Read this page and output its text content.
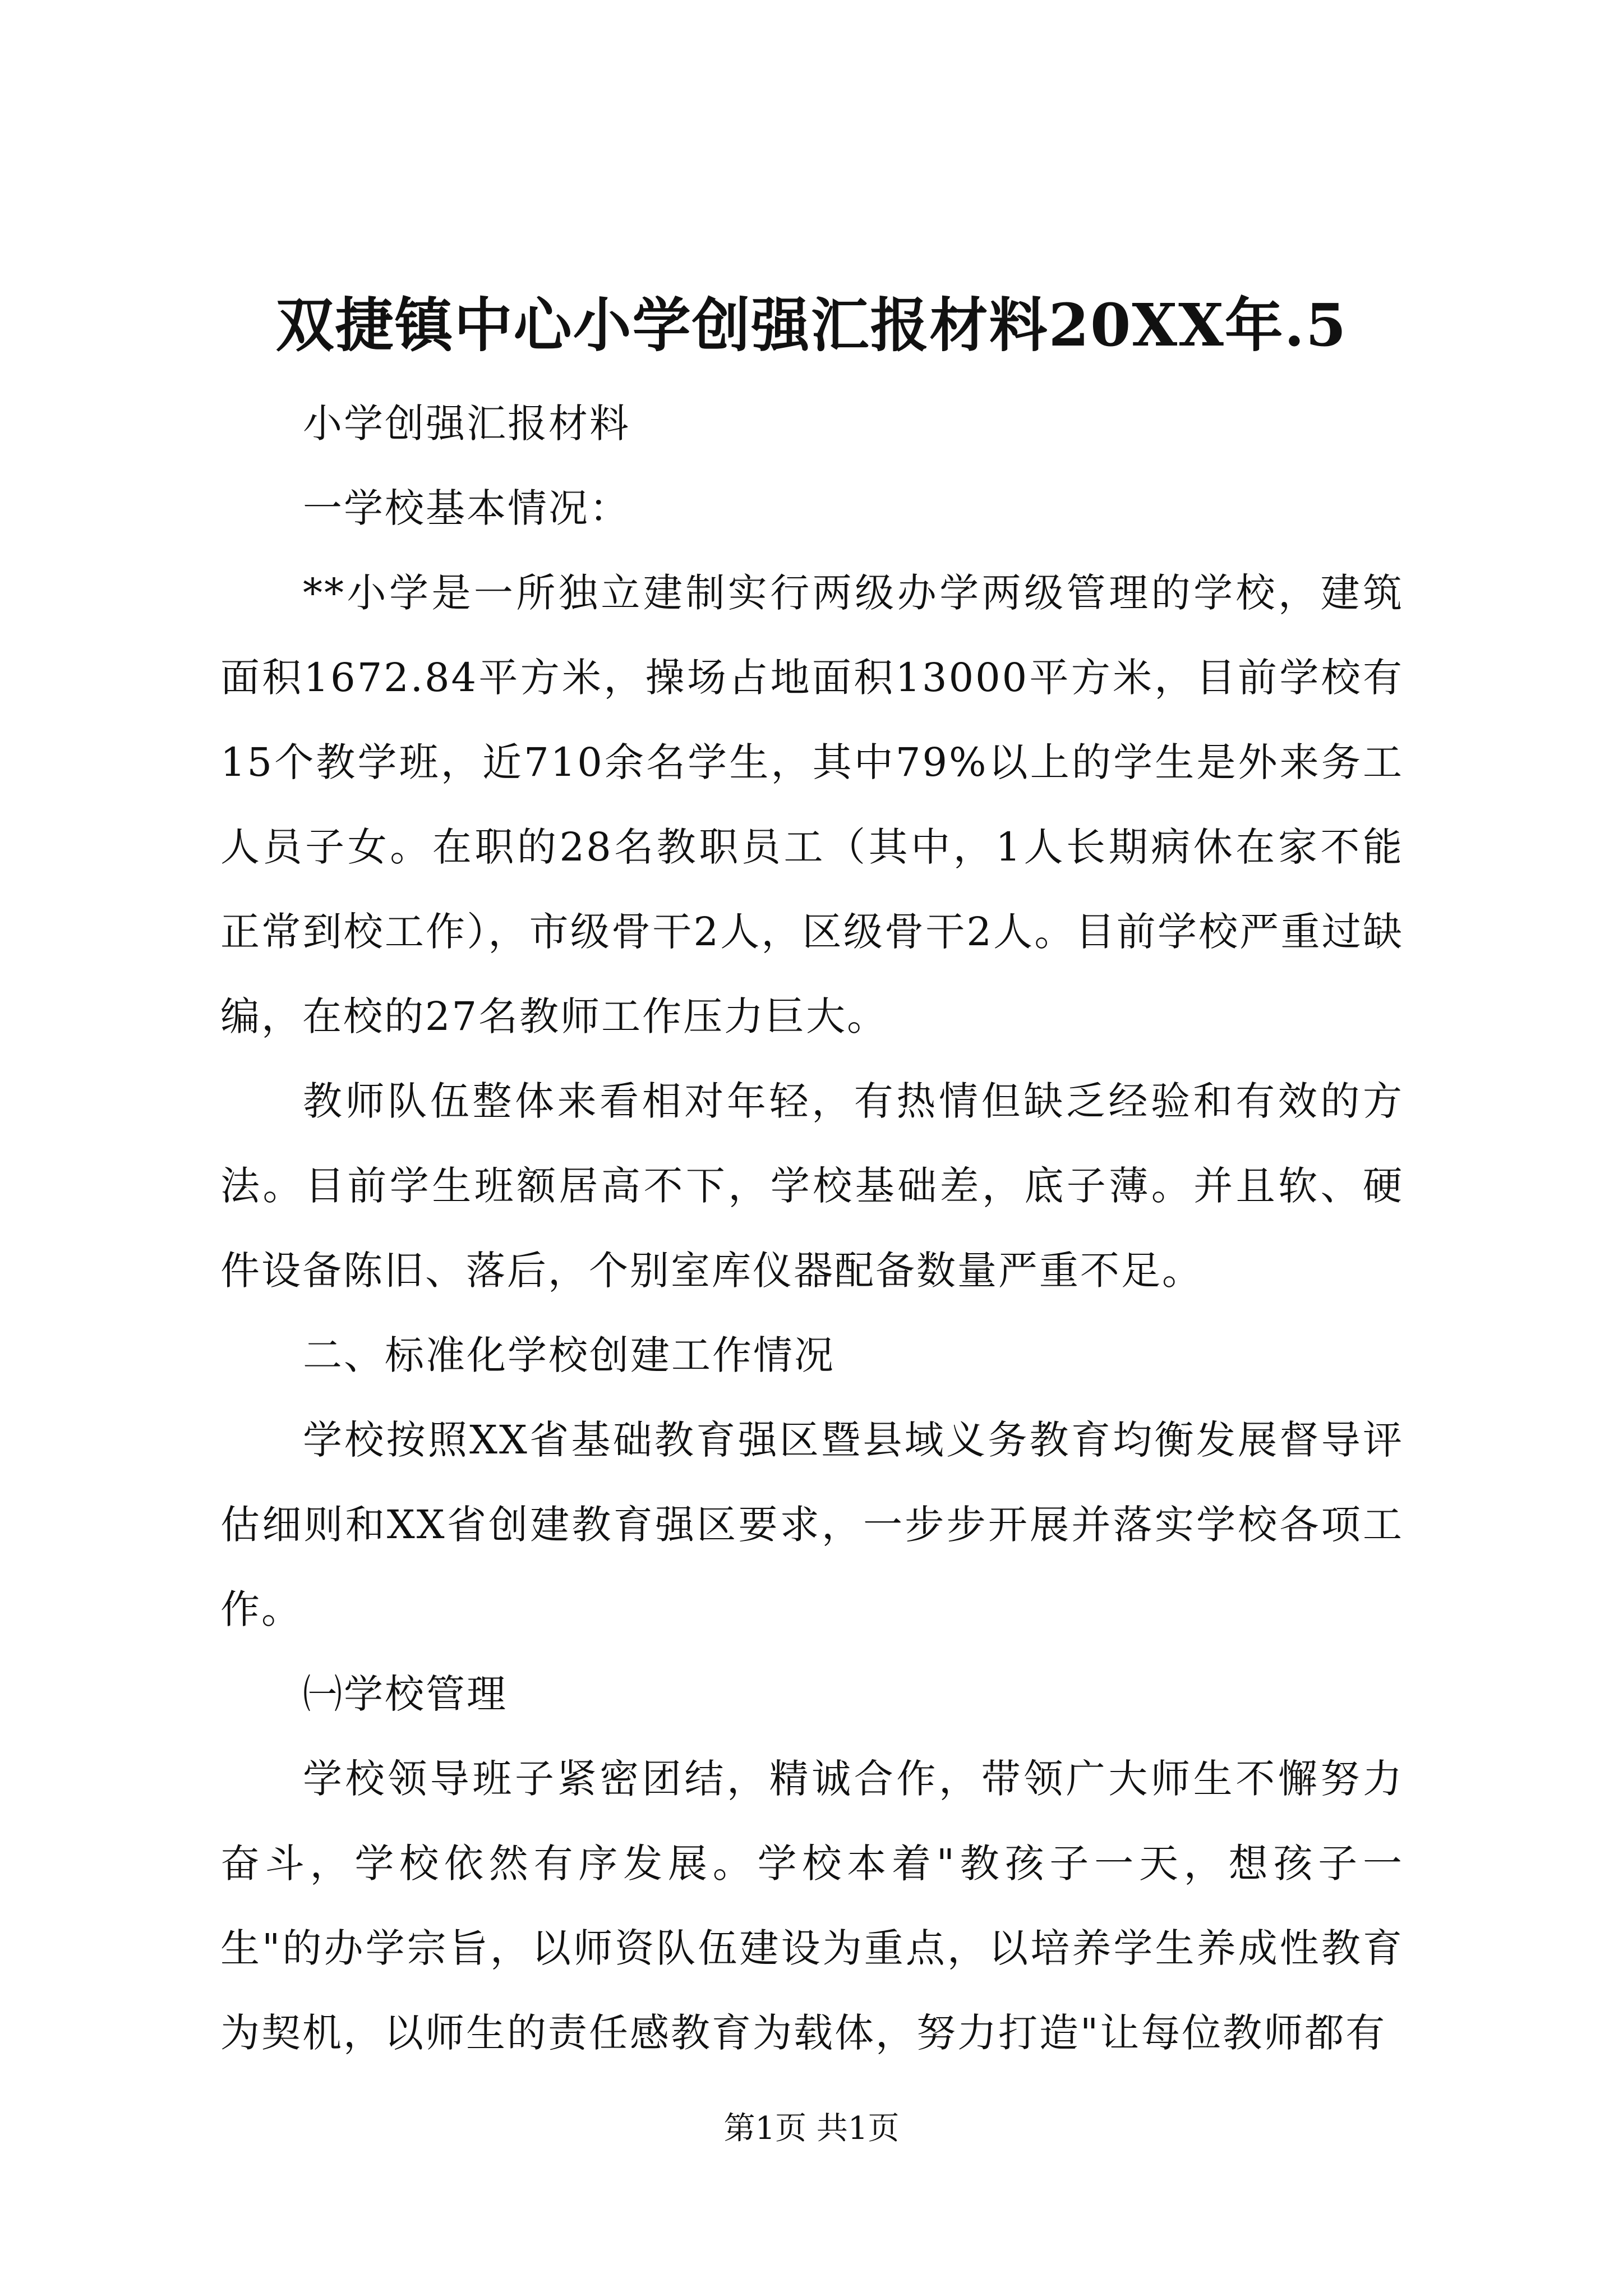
双捷镇中心小学创强汇报材料20XX年.5

小学创强汇报材料

一学校基本情况：

**小学是一所独立建制实行两级办学两级管理的学校，建筑面积1672.84平方米，操场占地面积13000平方米，目前学校有15个教学班，近710余名学生，其中79%以上的学生是外来务工人员子女。在职的28名教职员工（其中，1人长期病休在家不能正常到校工作），市级骨干2人，区级骨干2人。目前学校严重过缺编，在校的27名教师工作压力巨大。

教师队伍整体来看相对年轻，有热情但缺乏经验和有效的方法。目前学生班额居高不下，学校基础差，底子薄。并且软、硬件设备陈旧、落后，个别室库仪器配备数量严重不足。

二、标准化学校创建工作情况

学校按照XX省基础教育强区暨县域义务教育均衡发展督导评估细则和XX省创建教育强区要求，一步步开展并落实学校各项工作。

㈠学校管理

学校领导班子紧密团结，精诚合作，带领广大师生不懈努力奋斗，学校依然有序发展。学校本着"教孩子一天，想孩子一生"的办学宗旨，以师资队伍建设为重点，以培养学生养成性教育为契机，以师生的责任感教育为载体，努力打造"让每位教师都有

第1页 共1页
